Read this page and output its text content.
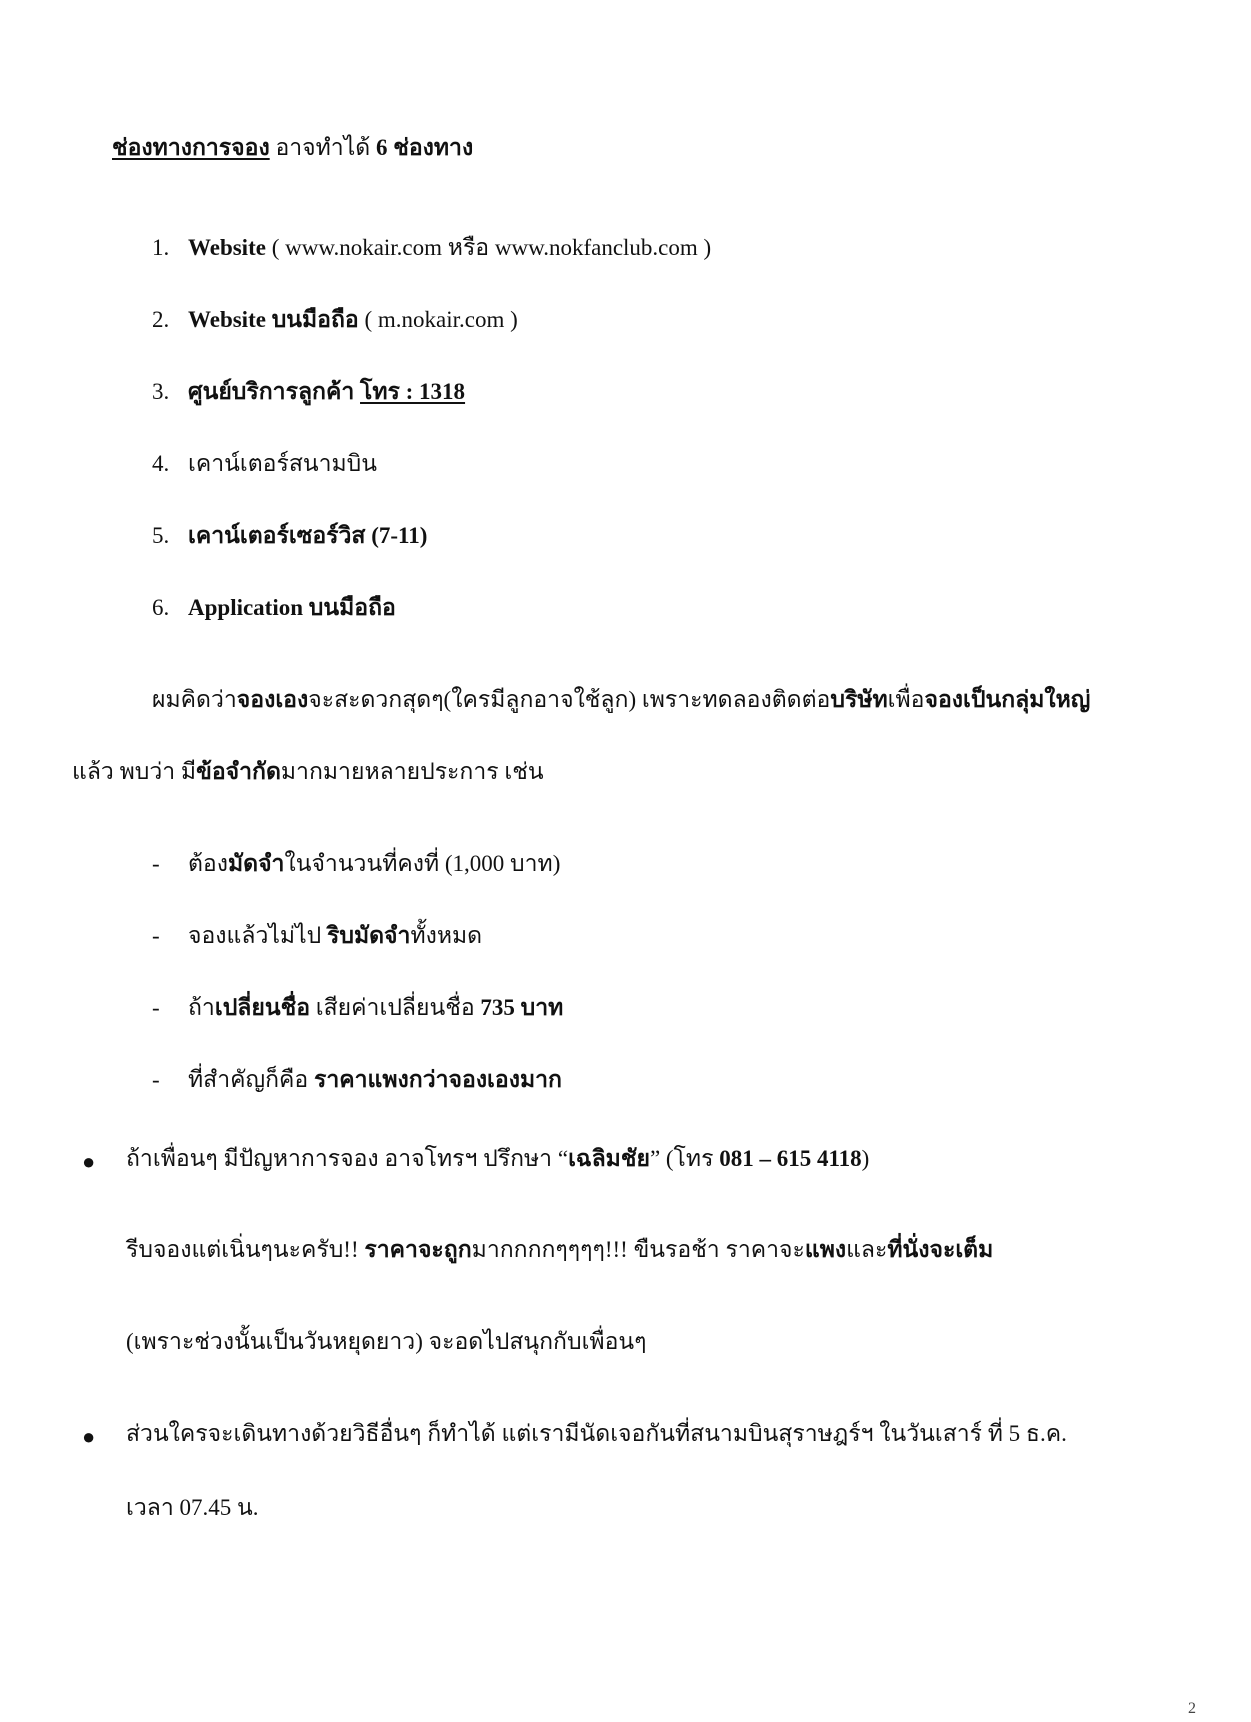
ช่องทางการจอง อาจทำได้ 6 ช่องทาง
1. Website ( www.nokair.com หรือ www.nokfanclub.com )
2. Website บนมือถือ ( m.nokair.com )
3. ศูนย์บริการลูกค้า โทร : 1318
4. เคาน์เตอร์สนามบิน
5. เคาน์เตอร์เซอร์วิส (7-11)
6. Application บนมือถือ
ผมคิดว่าจองเองจะสะดวกสุดๆ(ใครมีลูกอาจใช้ลูก) เพราะทดลองติดต่อบริษัทเพื่อจองเป็นกลุ่มใหญ่
แล้ว พบว่า มีข้อจำกัดมากมายหลายประการ เช่น
- ต้องมัดจำในจำนวนที่คงที่ (1,000 บาท)
- จองแล้วไม่ไป ริบมัดจำทั้งหมด
- ถ้าเปลี่ยนชื่อ เสียค่าเปลี่ยนชื่อ 735 บาท
- ที่สำคัญก็คือ ราคาแพงกว่าจองเองมาก
● ถ้าเพื่อนๆ มีปัญหาการจอง อาจโทรฯ ปรึกษา “เฉลิมชัย” (โทร 081 – 615 4118)
รีบจองแต่เนิ่นๆนะครับ!! ราคาจะถูกมากกกกๆๆๆๆ!!! ขืนรอช้า ราคาจะแพงและที่นั่งจะเต็ม
(เพราะช่วงนั้นเป็นวันหยุดยาว) จะอดไปสนุกกับเพื่อนๆ
● ส่วนใครจะเดินทางด้วยวิธีอื่นๆ ก็ทำได้ แต่เรามีนัดเจอกันที่สนามบินสุราษฎร์ฯ ในวันเสาร์ ที่ 5 ธ.ค.
เวลา 07.45 น.
2
